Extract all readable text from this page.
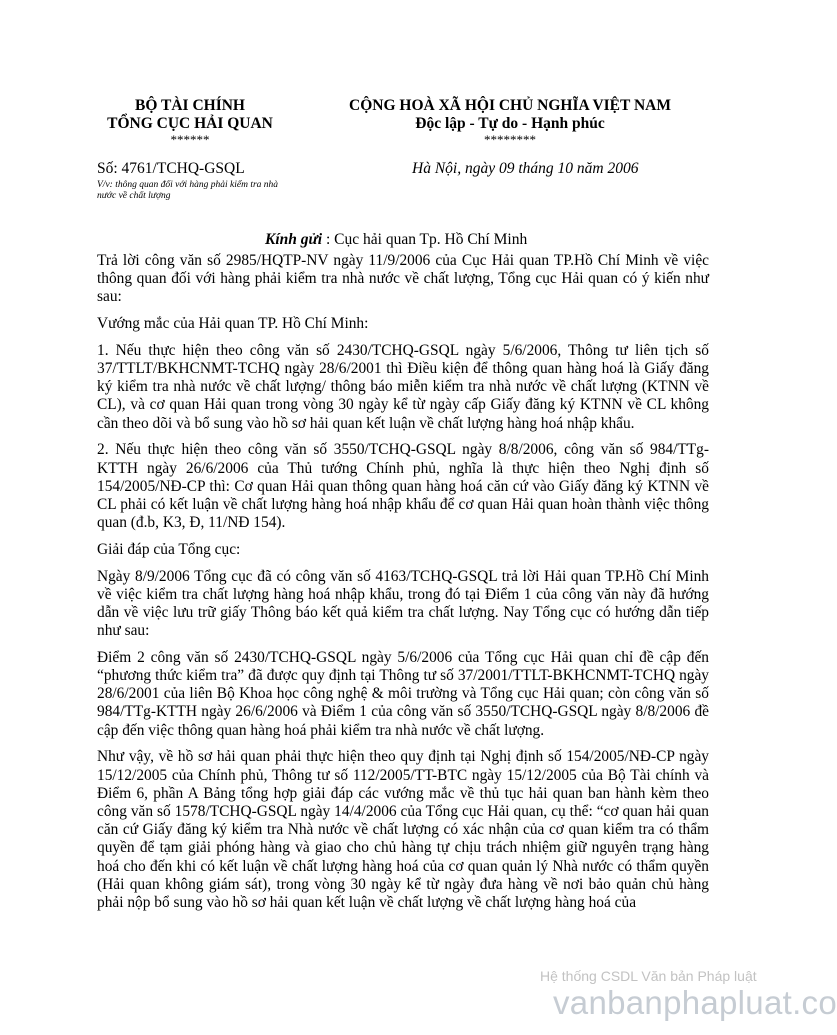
BỘ TÀI CHÍNH
TỔNG CỤC HẢI QUAN
******
CỘNG HOÀ XÃ HỘI CHỦ NGHĨA VIỆT NAM
Độc lập - Tự do - Hạnh phúc
********
Số: 4761/TCHQ-GSQL
V/v: thông quan đối với hàng phải kiểm tra nhà nước về chất lượng
Hà Nội, ngày 09 tháng 10 năm 2006
Kính gửi : Cục hải quan Tp. Hồ Chí Minh

Trả lời công văn số 2985/HQTP-NV ngày 11/9/2006 của Cục Hải quan TP.Hồ Chí Minh về việc thông quan đối với hàng phải kiểm tra nhà nước về chất lượng, Tổng cục Hải quan có ý kiến như sau:

Vướng mắc của Hải quan TP. Hồ Chí Minh:

1. Nếu thực hiện theo công văn số 2430/TCHQ-GSQL ngày 5/6/2006, Thông tư liên tịch số 37/TTLT/BKHCNMT-TCHQ ngày 28/6/2001 thì Điều kiện để thông quan hàng hoá là Giấy đăng ký kiểm tra nhà nước về chất lượng/ thông báo miễn kiểm tra nhà nước về chất lượng (KTNN về CL), và cơ quan Hải quan trong vòng 30 ngày kể từ ngày cấp Giấy đăng ký KTNN về CL không cần theo dõi và bổ sung vào hồ sơ hải quan kết luận về chất lượng hàng hoá nhập khẩu.

2. Nếu thực hiện theo công văn số 3550/TCHQ-GSQL ngày 8/8/2006, công văn số 984/TTg-KTTH ngày 26/6/2006 của Thủ tướng Chính phủ, nghĩa là thực hiện theo Nghị định số 154/2005/NĐ-CP thì: Cơ quan Hải quan thông quan hàng hoá căn cứ vào Giấy đăng ký KTNN về CL phải có kết luận về chất lượng hàng hoá nhập khẩu để cơ quan Hải quan hoàn thành việc thông quan (đ.b, K3, Đ, 11/NĐ 154).

Giải đáp của Tổng cục:

Ngày 8/9/2006 Tổng cục đã có công văn số 4163/TCHQ-GSQL trả lời Hải quan TP.Hồ Chí Minh về việc kiểm tra chất lượng hàng hoá nhập khẩu, trong đó tại Điểm 1 của công văn này đã hướng dẫn về việc lưu trữ giấy Thông báo kết quả kiểm tra chất lượng. Nay Tổng cục có hướng dẫn tiếp như sau:

Điểm 2 công văn số 2430/TCHQ-GSQL ngày 5/6/2006 của Tổng cục Hải quan chỉ đề cập đến “phương thức kiểm tra” đã được quy định tại Thông tư số 37/2001/TTLT-BKHCNMT-TCHQ ngày 28/6/2001 của liên Bộ Khoa học công nghệ & môi trường và Tổng cục Hải quan; còn công văn số 984/TTg-KTTH ngày 26/6/2006 và Điểm 1 của công văn số 3550/TCHQ-GSQL ngày 8/8/2006 đề cập đến việc thông quan hàng hoá phải kiểm tra nhà nước về chất lượng.

Như vậy, về hồ sơ hải quan phải thực hiện theo quy định tại Nghị định số 154/2005/NĐ-CP ngày 15/12/2005 của Chính phủ, Thông tư số 112/2005/TT-BTC ngày 15/12/2005 của Bộ Tài chính và Điểm 6, phần A Bảng tổng hợp giải đáp các vướng mắc về thủ tục hải quan ban hành kèm theo công văn số 1578/TCHQ-GSQL ngày 14/4/2006 của Tổng cục Hải quan, cụ thể: “cơ quan hải quan căn cứ Giấy đăng ký kiểm tra Nhà nước về chất lượng có xác nhận của cơ quan kiểm tra có thẩm quyền để tạm giải phóng hàng và giao cho chủ hàng tự chịu trách nhiệm giữ nguyên trạng hàng hoá cho đến khi có kết luận về chất lượng hàng hoá của cơ quan quản lý Nhà nước có thẩm quyền (Hải quan không giám sát), trong vòng 30 ngày kể từ ngày đưa hàng về nơi bảo quản chủ hàng phải nộp bổ sung vào hồ sơ hải quan kết luận về chất lượng về chất lượng hàng hoá của

Hệ thống CSDL Văn bản Pháp luật
vanbanphapluat.co
